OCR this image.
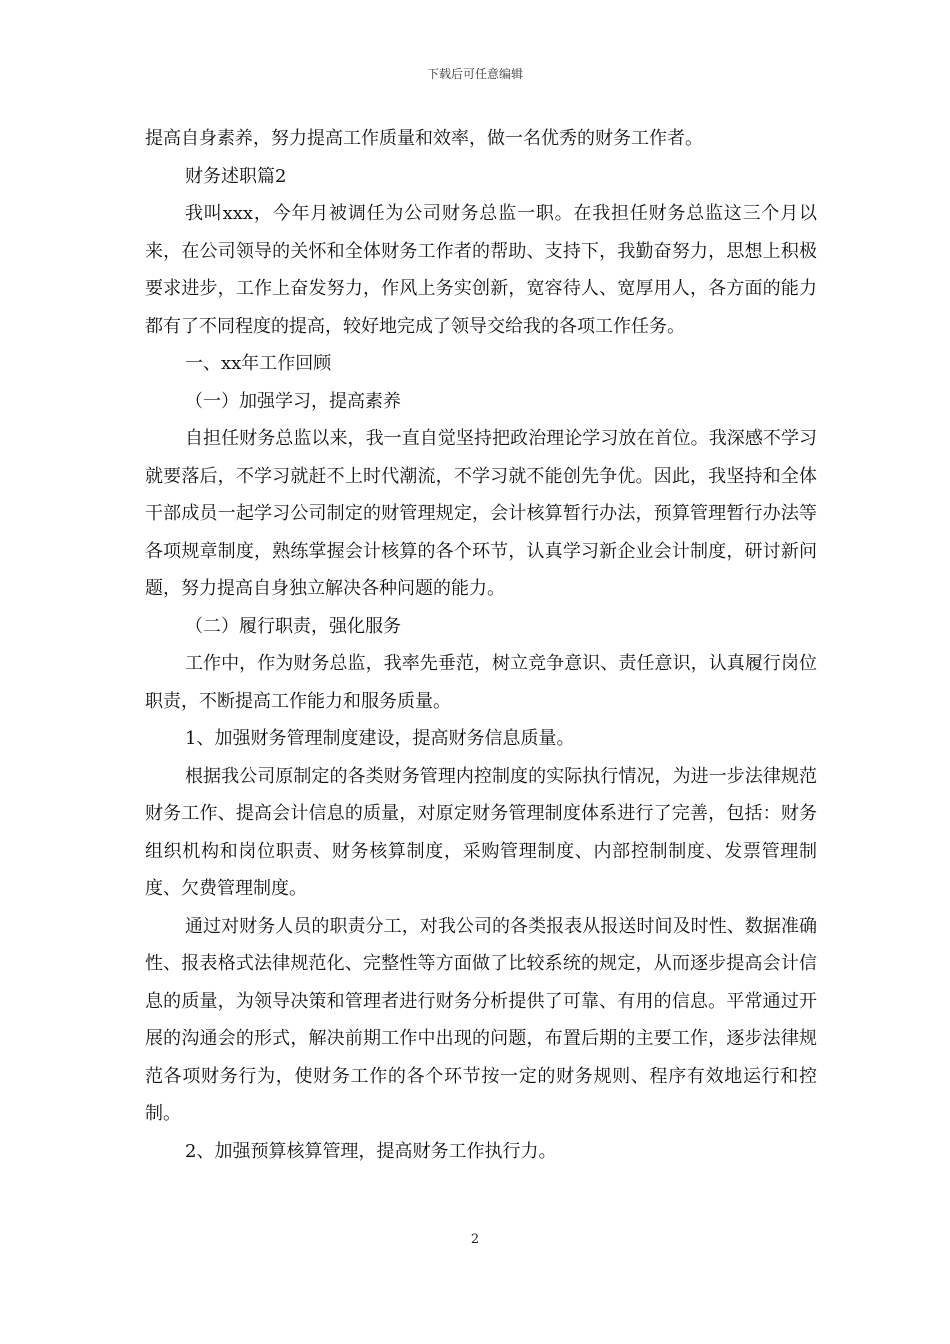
下载后可任意编辑

提高自身素养，努力提高工作质量和效率，做一名优秀的财务工作者。

财务述职篇2

我叫xxx，今年月被调任为公司财务总监一职。在我担任财务总监这三个月以来，在公司领导的关怀和全体财务工作者的帮助、支持下，我勤奋努力，思想上积极要求进步，工作上奋发努力，作风上务实创新，宽容待人、宽厚用人，各方面的能力都有了不同程度的提高，较好地完成了领导交给我的各项工作任务。

一、xx年工作回顾

（一）加强学习，提高素养

自担任财务总监以来，我一直自觉坚持把政治理论学习放在首位。我深感不学习就要落后，不学习就赶不上时代潮流，不学习就不能创先争优。因此，我坚持和全体干部成员一起学习公司制定的财管理规定，会计核算暂行办法，预算管理暂行办法等各项规章制度，熟练掌握会计核算的各个环节，认真学习新企业会计制度，研讨新问题，努力提高自身独立解决各种问题的能力。

（二）履行职责，强化服务

工作中，作为财务总监，我率先垂范，树立竞争意识、责任意识，认真履行岗位职责，不断提高工作能力和服务质量。

1、加强财务管理制度建设，提高财务信息质量。

根据我公司原制定的各类财务管理内控制度的实际执行情况，为进一步法律规范财务工作、提高会计信息的质量，对原定财务管理制度体系进行了完善，包括：财务组织机构和岗位职责、财务核算制度，采购管理制度、内部控制制度、发票管理制度、欠费管理制度。

通过对财务人员的职责分工，对我公司的各类报表从报送时间及时性、数据准确性、报表格式法律规范化、完整性等方面做了比较系统的规定，从而逐步提高会计信息的质量，为领导决策和管理者进行财务分析提供了可靠、有用的信息。平常通过开展的沟通会的形式，解决前期工作中出现的问题，布置后期的主要工作，逐步法律规范各项财务行为，使财务工作的各个环节按一定的财务规则、程序有效地运行和控制。

2、加强预算核算管理，提高财务工作执行力。

2
